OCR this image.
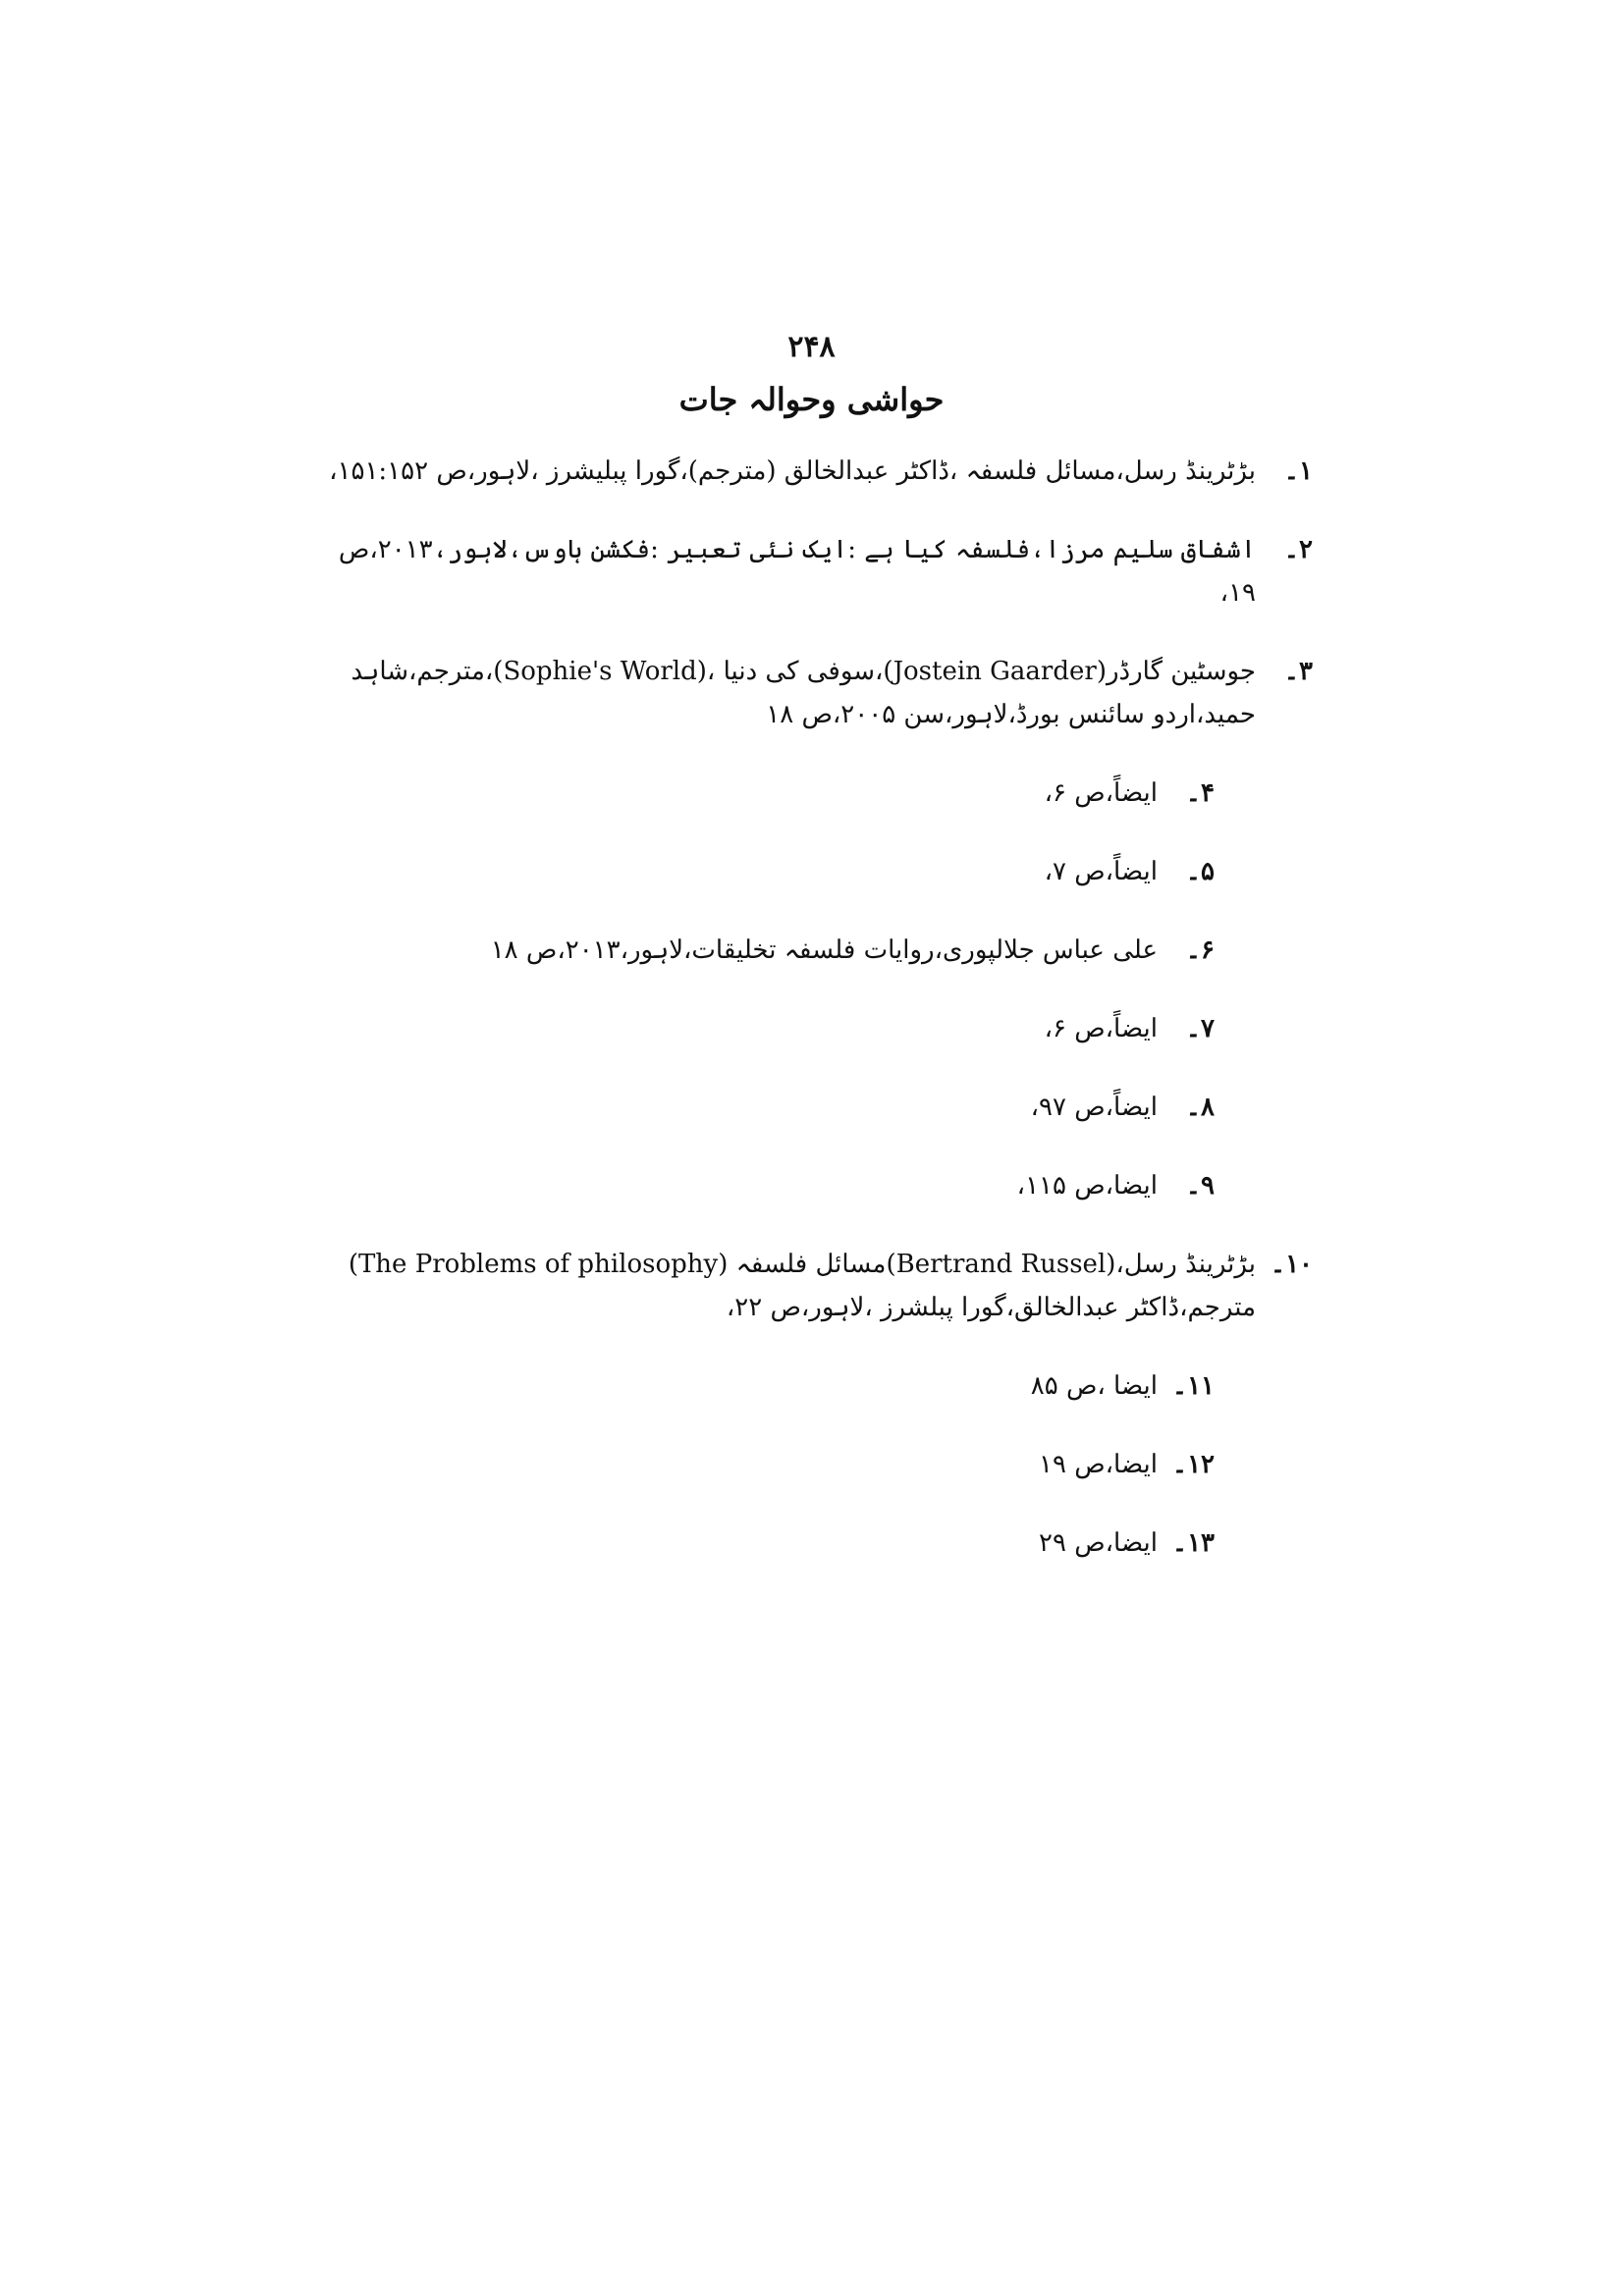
۲۴۸
حواشی وحوالہ جات
۱۔
بڑٹرینڈ رسل،مسائل فلسفہ ،ڈاکٹر عبدالخالق (مترجم)،گورا پبلیشرز ،لاہور،ص ۱۵۱:۱۵۲،
۲۔
اشفاق سلیم مرزا،فلسفہ کیا ہے :ایک نئی تعبیر :فکشن ہاوس،لاہور،۲۰۱۳،ص ۱۹،
۳۔
جوسٹین گارڈر(Jostein Gaarder)،سوفی کی دنیا ،(Sophie's World)،مترجم،شاہد حمید،اردو سائنس بورڈ،لاہور،سن ۲۰۰۵،ص ۱۸
۴۔
ایضاً،ص ۶،
۵۔
ایضاً،ص ۷،
۶۔
علی عباس جلالپوری،روایات فلسفہ تخلیقات،لاہور،۲۰۱۳،ص ۱۸
۷۔
ایضاً،ص ۶،
۸۔
ایضاً،ص ۹۷،
۹۔
ایضا،ص ۱۱۵،
۱۰۔
بڑٹرینڈ رسل،(Bertrand Russel)مسائل فلسفہ (The Problems of philosophy) مترجم،ڈاکٹر عبدالخالق،گورا پبلشرز ،لاہور،ص ۲۲،
۱۱۔
ایضا ،ص ۸۵
۱۲۔
ایضا،ص ۱۹
۱۳۔
ایضا،ص ۲۹
